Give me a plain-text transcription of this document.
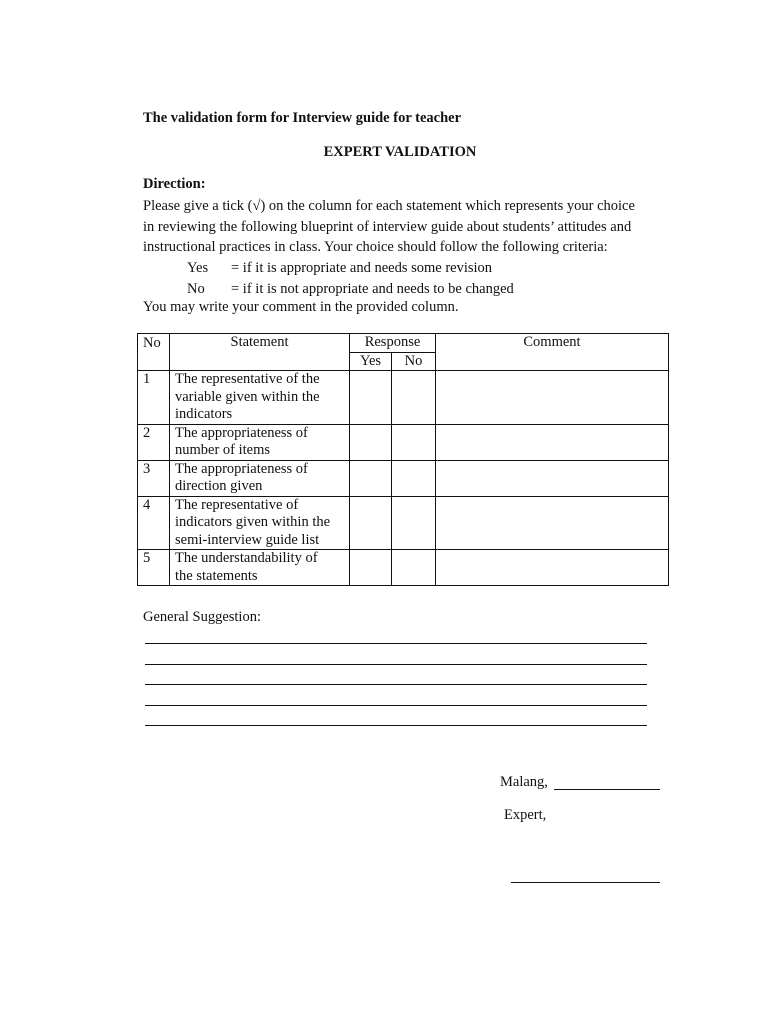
The validation form for Interview guide for teacher
EXPERT VALIDATION
Direction:
Please give a tick (√) on the column for each statement which represents your choice
in reviewing the following blueprint of interview guide about students’ attitudes and
instructional practices in class. Your choice should follow the following criteria:
Yes = if it is appropriate and needs some revision
No = if it is not appropriate and needs to be changed
You may write your comment in the provided column.
No	Statement	Response		Comment
		Yes	No	
1	The representative of the
variable given within the
indicators			

2	The appropriateness of
number of items			

3	The appropriateness of
direction given			

4	The representative of
indicators given within the
semi-interview guide list			

5	The understandability of
the statements			

General Suggestion:
Malang,
Expert,
